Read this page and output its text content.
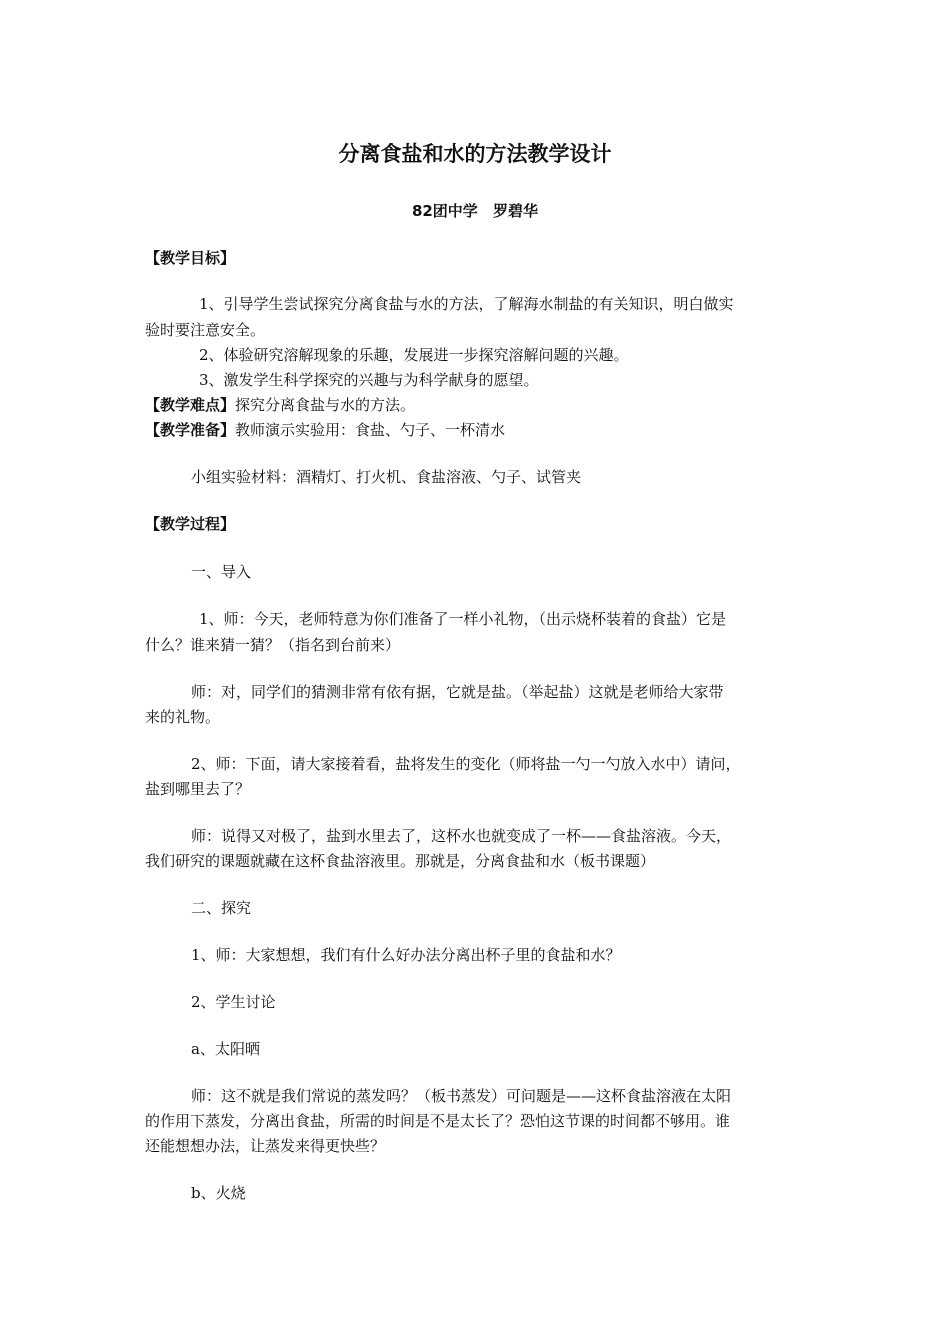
分离食盐和水的方法教学设计
82团中学 罗碧华
【教学目标】
1、引导学生尝试探究分离食盐与水的方法，了解海水制盐的有关知识，明白做实
验时要注意安全。
2、体验研究溶解现象的乐趣，发展进一步探究溶解问题的兴趣。
3、激发学生科学探究的兴趣与为科学献身的愿望。
【教学难点】探究分离食盐与水的方法。
【教学准备】教师演示实验用：食盐、勺子、一杯清水
小组实验材料：酒精灯、打火机、食盐溶液、勺子、试管夹
【教学过程】
一、导入
1、师：今天，老师特意为你们准备了一样小礼物，（出示烧杯装着的食盐）它是
什么？谁来猜一猜？（指名到台前来）
师：对，同学们的猜测非常有依有据，它就是盐。（举起盐）这就是老师给大家带
来的礼物。
2、师：下面，请大家接着看，盐将发生的变化（师将盐一勺一勺放入水中）请问，
盐到哪里去了？
师：说得又对极了，盐到水里去了，这杯水也就变成了一杯——食盐溶液。今天，
我们研究的课题就藏在这杯食盐溶液里。那就是，分离食盐和水（板书课题）
二、探究
1、师：大家想想，我们有什么好办法分离出杯子里的食盐和水？
2、学生讨论
a、太阳晒
师：这不就是我们常说的蒸发吗？（板书蒸发）可问题是——这杯食盐溶液在太阳
的作用下蒸发，分离出食盐，所需的时间是不是太长了？恐怕这节课的时间都不够用。谁
还能想想办法，让蒸发来得更快些？
b、火烧
